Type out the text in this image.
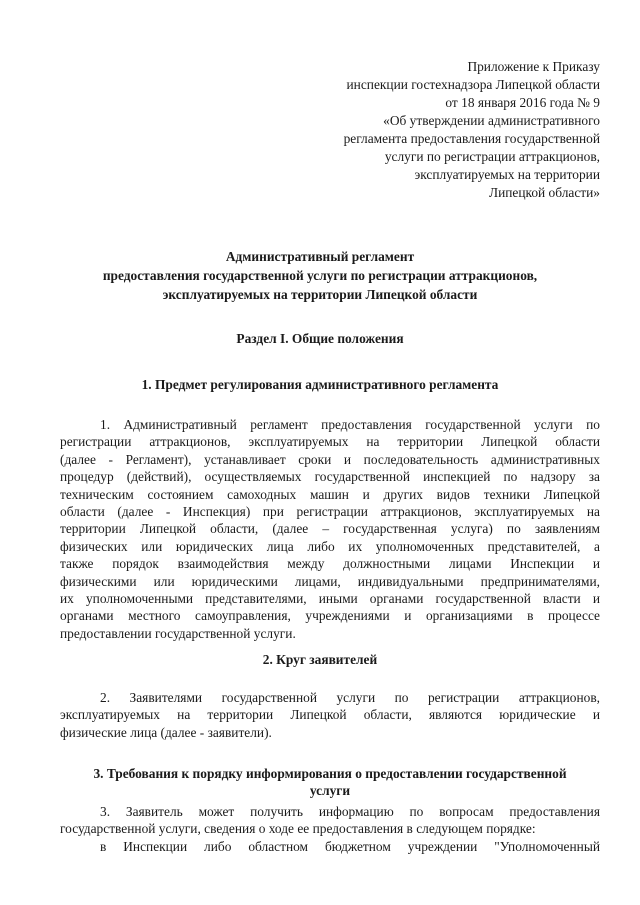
Приложение к Приказу
инспекции гостехнадзора Липецкой области
от 18 января 2016 года № 9
«Об утверждении административного
регламента предоставления государственной
услуги по регистрации аттракционов,
эксплуатируемых на территории
Липецкой области»
Административный регламент
предоставления государственной услуги по регистрации аттракционов,
эксплуатируемых на территории Липецкой области
Раздел I. Общие положения
1. Предмет регулирования административного регламента
1. Административный регламент предоставления государственной услуги по
регистрации аттракционов, эксплуатируемых на территории Липецкой области
(далее - Регламент), устанавливает сроки и последовательность административных
процедур (действий), осуществляемых государственной инспекцией по надзору за
техническим состоянием самоходных машин и других видов техники Липецкой
области (далее - Инспекция) при регистрации аттракционов, эксплуатируемых на
территории Липецкой области, (далее – государственная услуга) по заявлениям
физических или юридических лица либо их уполномоченных представителей, а
также порядок взаимодействия между должностными лицами Инспекции и
физическими или юридическими лицами, индивидуальными предпринимателями,
их уполномоченными представителями, иными органами государственной власти и
органами местного самоуправления, учреждениями и организациями в процессе
предоставлении государственной услуги.
2. Круг заявителей
2. Заявителями государственной услуги по регистрации аттракционов,
эксплуатируемых на территории Липецкой области, являются юридические и
физические лица (далее - заявители).
3. Требования к порядку информирования о предоставлении государственной
услуги
3. Заявитель может получить информацию по вопросам предоставления
государственной услуги, сведения о ходе ее предоставления в следующем порядке:
в Инспекции либо областном бюджетном учреждении "Уполномоченный
